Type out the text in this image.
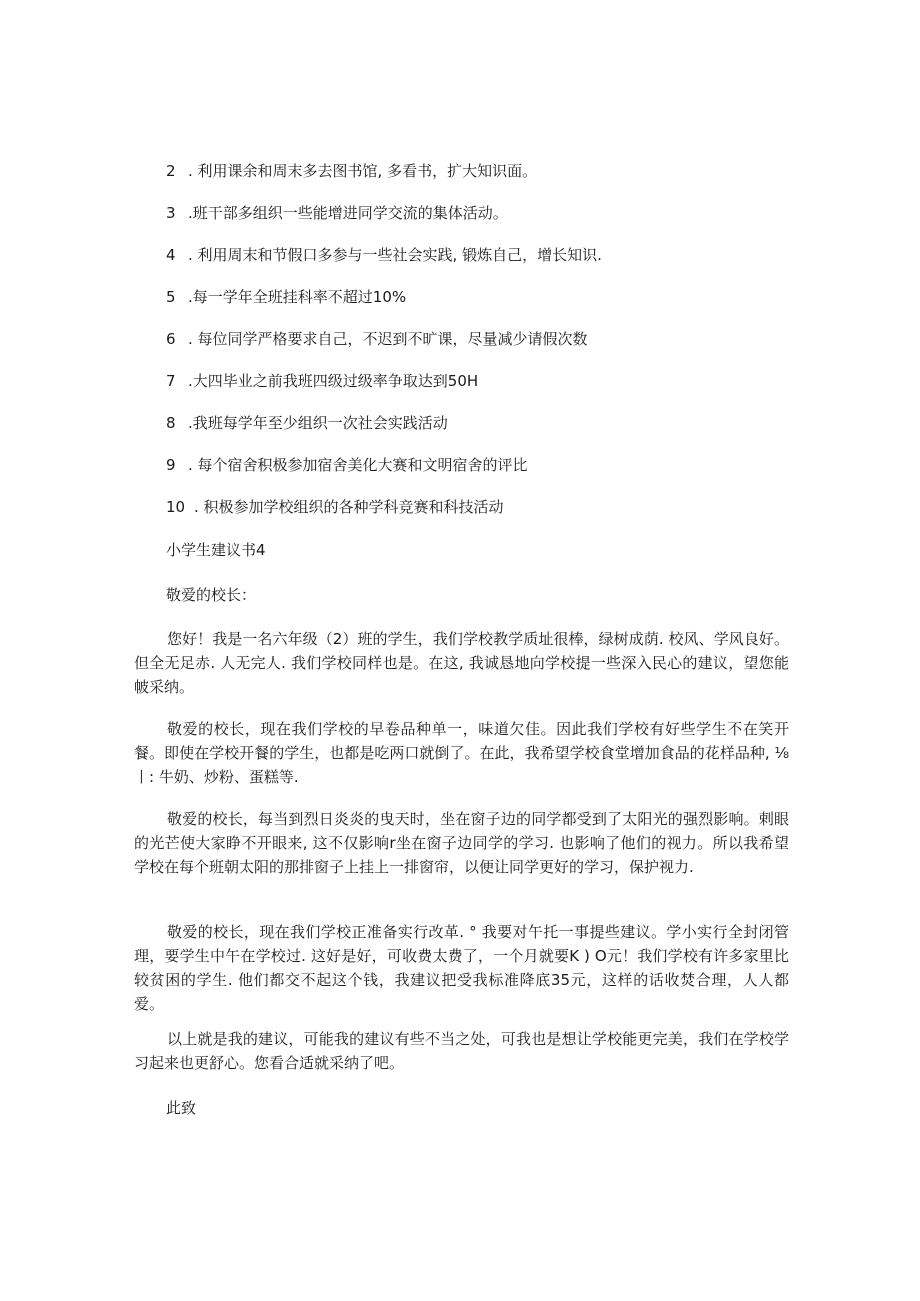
2 . 利用课余和周末多去图书馆, 多看书，扩大知识面。
3 .班干部多组织一些能增进同学交流的集体活动。
4 . 利用周末和节假口多参与一些社会实践, 锻炼自己，增长知识.
5 .每一学年全班挂科率不超过10%
6 . 每位同学严格要求自己，不迟到不旷课，尽量减少请假次数
7 .大四毕业之前我班四级过级率争取达到50H
8 .我班每学年至少组织一次社会实践活动
9 . 每个宿舍积极参加宿舍美化大赛和文明宿舍的评比
10 . 积极参加学校组织的各种学科竞赛和科技活动
小学生建议书4
敬爱的校长：
您好！我是一名六年级（2）班的学生，我们学校教学质址很棒，绿树成荫. 校风、学风良好。但全无足赤. 人无完人. 我们学校同样也是。在这, 我诚恳地向学校提一些深入民心的建议，望您能帔采纳。
敬爱的校长，现在我们学校的早卷品种单一，味道欠佳。因此我们学校有好些学生不在笑开餐。即使在学校开餐的学生，也都是吃两口就倒了。在此，我希望学校食堂增加食品的花样品种, ⅛丨: 牛奶、炒粉、蛋糕等.
敬爱的校长，每当到烈日炎炎的曳天时，坐在窗子边的同学都受到了太阳光的强烈影响。剌眼的光芒使大家睁不开眼来, 这不仅影响r坐在窗子边同学的学习. 也影响了他们的视力。所以我希望学校在每个班朝太阳的那排窗子上挂上一排窗帘，以便让同学更好的学习，保护视力.
敬爱的校长，现在我们学校正准备实行改革. ° 我要对午托一事提些建议。学小实行全封闭管理，要学生中午在学校过. 这好是好，可收费太费了，一个月就要K ) O元！我们学校有许多家里比较贫困的学生. 他们都交不起这个钱，我建议把受我标准降底35元，这样的话收焚合理，人人都爱。
以上就是我的建议，可能我的建议有些不当之处，可我也是想让学校能更完美，我们在学校学习起来也更舒心。您看合适就采纳了吧。
此致
